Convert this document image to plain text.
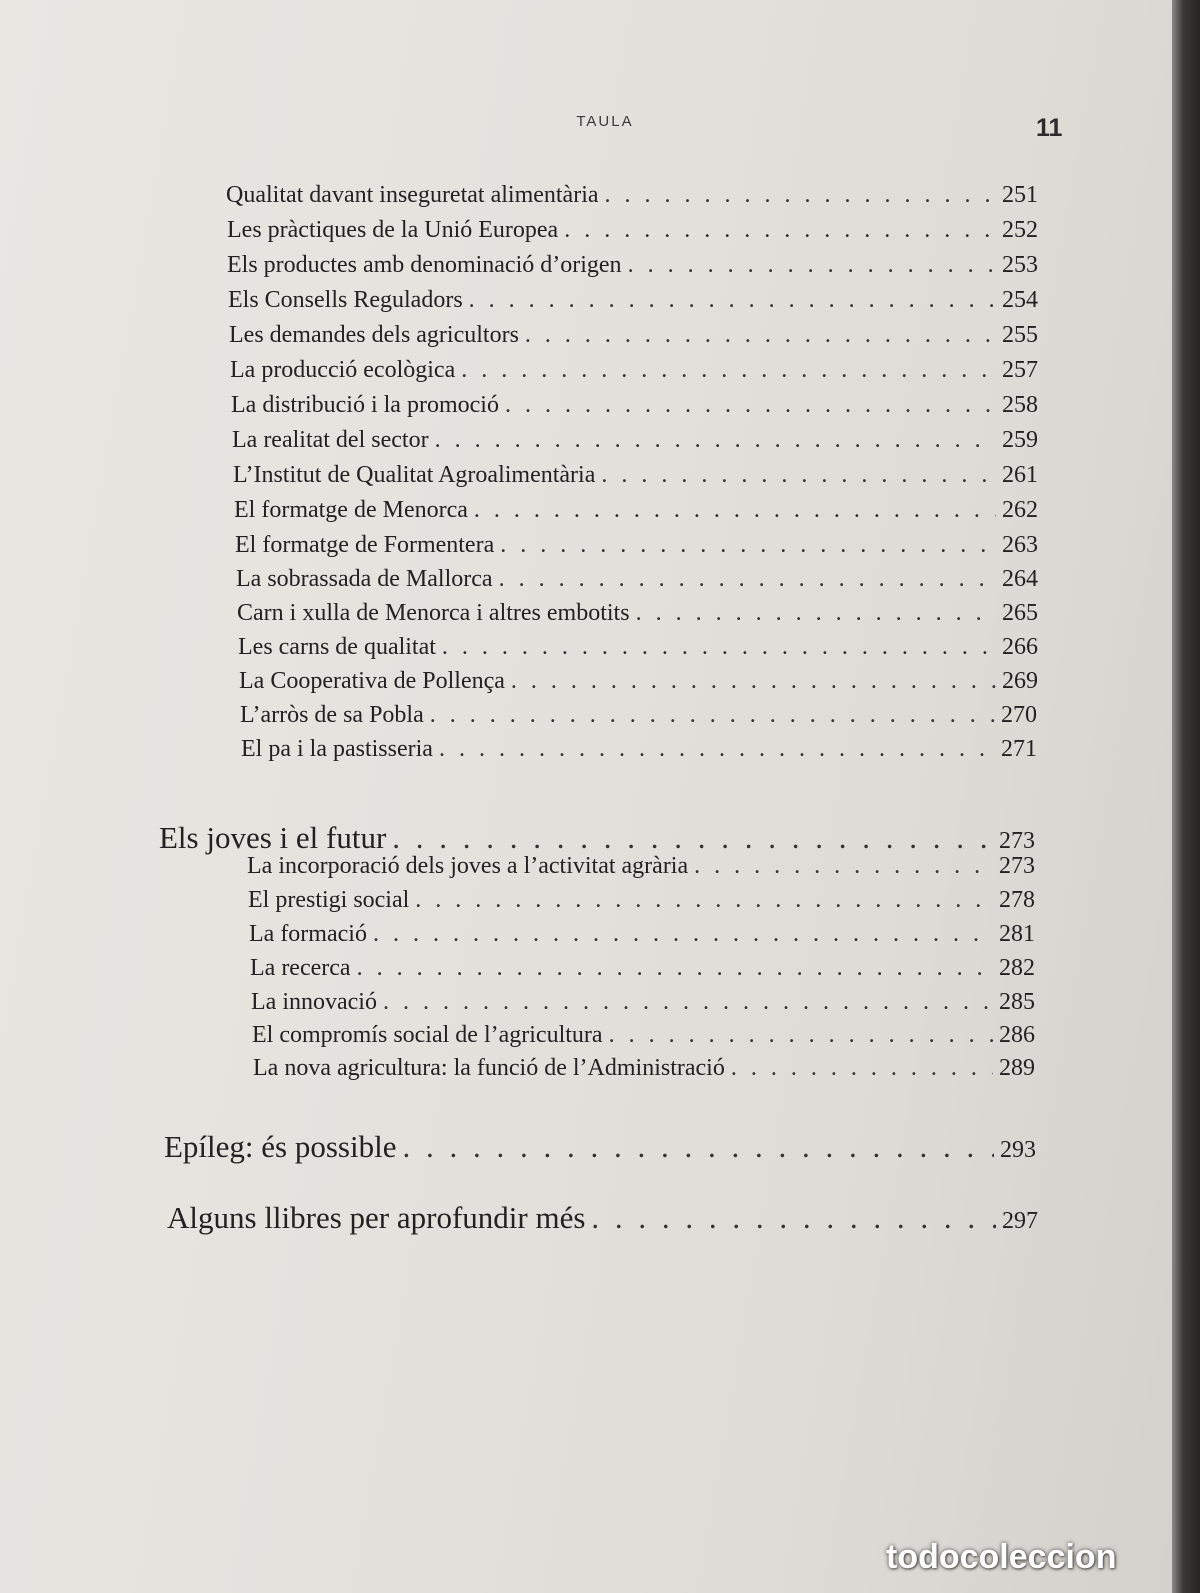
TAULA	11
Qualitat davant inseguretat alimentària . . .	251
Les pràctiques de la Unió Europea . . .	252
Els productes amb denominació d’origen . . .	253
Els Consells Reguladors . . .	254
Les demandes dels agricultors . . .	255
La producció ecològica . . .	257
La distribució i la promoció . . .	258
La realitat del sector . . .	259
L’Institut de Qualitat Agroalimentària . . .	261
El formatge de Menorca . . .	262
El formatge de Formentera . . .	263
La sobrassada de Mallorca . . .	264
Carn i xulla de Menorca i altres embotits . . .	265
Les carns de qualitat . . .	266
La Cooperativa de Pollença . . .	269
L’arròs de sa Pobla . . .	270
El pa i la pastisseria . . .	271
Els joves i el futur . . .	273
La incorporació dels joves a l’activitat agrària . . .	273
El prestigi social . . .	278
La formació . . .	281
La recerca . . .	282
La innovació . . .	285
El compromís social de l’agricultura . . .	286
La nova agricultura: la funció de l’Administració . . .	289
Epíleg: és possible . . .	293
Alguns llibres per aprofundir més . . .	297
todocoleccion
